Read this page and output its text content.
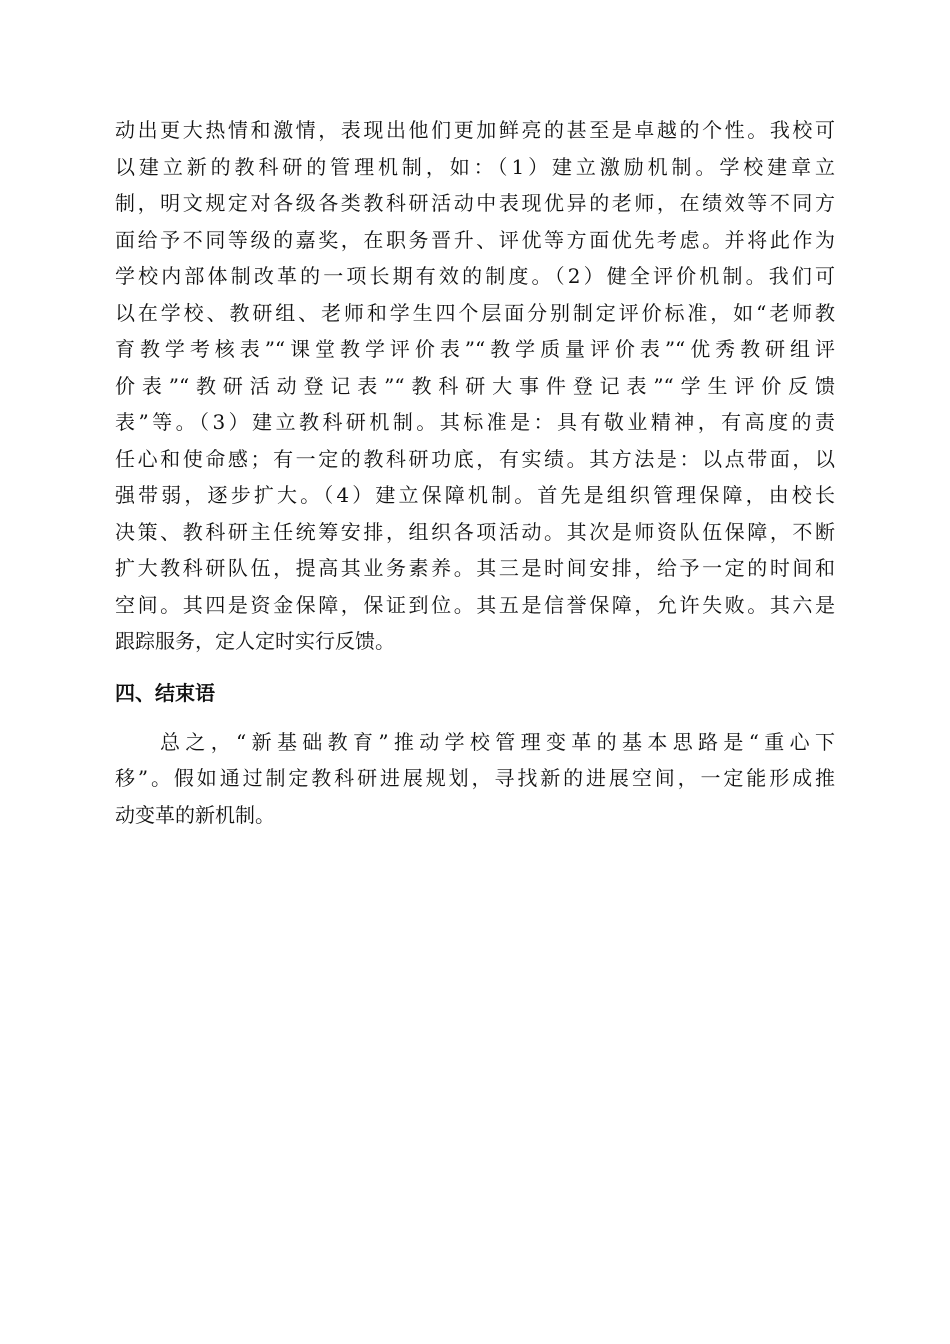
动出更大热情和激情，表现出他们更加鲜亮的甚至是卓越的个性。我校可
以建立新的教科研的管理机制，如：（1）建立激励机制。学校建章立
制，明文规定对各级各类教科研活动中表现优异的老师，在绩效等不同方
面给予不同等级的嘉奖，在职务晋升、评优等方面优先考虑。并将此作为
学校内部体制改革的一项长期有效的制度。（2）健全评价机制。我们可
以在学校、教研组、老师和学生四个层面分别制定评价标准，如“老师教
育教学考核表”“课堂教学评价表”“教学质量评价表”“优秀教研组评
价表”“教研活动登记表”“教科研大事件登记表”“学生评价反馈
表”等。（3）建立教科研机制。其标准是：具有敬业精神，有高度的责
任心和使命感；有一定的教科研功底，有实绩。其方法是：以点带面，以
强带弱，逐步扩大。（4）建立保障机制。首先是组织管理保障，由校长
决策、教科研主任统筹安排，组织各项活动。其次是师资队伍保障，不断
扩大教科研队伍，提高其业务素养。其三是时间安排，给予一定的时间和
空间。其四是资金保障，保证到位。其五是信誉保障，允许失败。其六是
跟踪服务，定人定时实行反馈。
四、结束语
总之，“新基础教育”推动学校管理变革的基本思路是“重心下
移”。假如通过制定教科研进展规划，寻找新的进展空间，一定能形成推
动变革的新机制。
